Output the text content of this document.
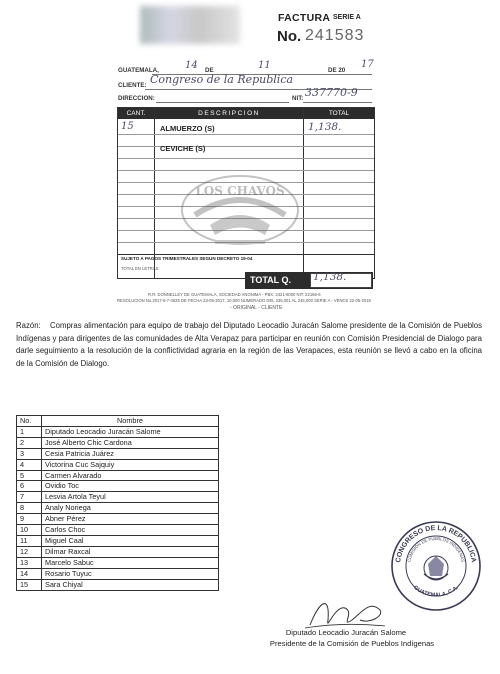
FACTURA SERIE A
No. 241583
GUATEMALA,	14 DE	11	DE 20
17
CLIENTE: Congreso de la Republica
DIRECCION:	NIT: 337770-9
CANT.	DESCRIPCION	TOTAL
15	ALMUERZO (S)	1,138.
CEVICHE (S)
SUJETO A PAGOS TRIMESTRALES SEGUN DECRETO 19-04
TOTAL EN LETRAS:
LOS CHAVOS
TOTAL Q. 1,138.
R.R. DONNELLEY DE GUATEMALA, SOCIEDAD ANONIMA - PBX: 2421-8000 NIT: 22166-6
RESOLUCION No.2017-5-7-4625 DE FECHA 23-05-2017, 10,000 NUMERADO DEL 235,001 AL 245,000 SERIE A - VENCE 22-05-2018
- ORIGINAL - CLIENTE
Razón: Compras alimentación para equipo de trabajo del Diputado Leocadio Juracán Salome presidente de la Comisión de Pueblos Indígenas y para dirigentes de las comunidades de Alta Verapaz para participar en reunión con Comisión Presidencial de Dialogo para darle seguimiento a la resolución de la conflictividad agraria en la región de las Verapaces, esta reunión se llevó a cabo en la oficina de la Comisión de Dialogo.
No.	Nombre
1	Diputado Leocadio Juracán Salome
2	José Alberto Chic Cardona
3	Cesia Patricia Juárez
4	Victorina Cuc Sajquiy
5	Carmen Alvarado
6	Ovidio Toc
7	Lesvia Artola Teyul
8	Analy Noriega
9	Abner Pérez
10	Carlos Choc
11	Miguel Caal
12	Dilmar Raxcal
13	Marcelo Sabuc
14	Rosario Tuyuc
15	Sara Chiyal
CONGRESO DE LA REPUBLICA
COMISION DE PUEBLOS INDIGENAS
GUATEMALA, C.A.
Diputado Leocadio Juracán Salome
Presidente de la Comisión de Pueblos Indígenas
